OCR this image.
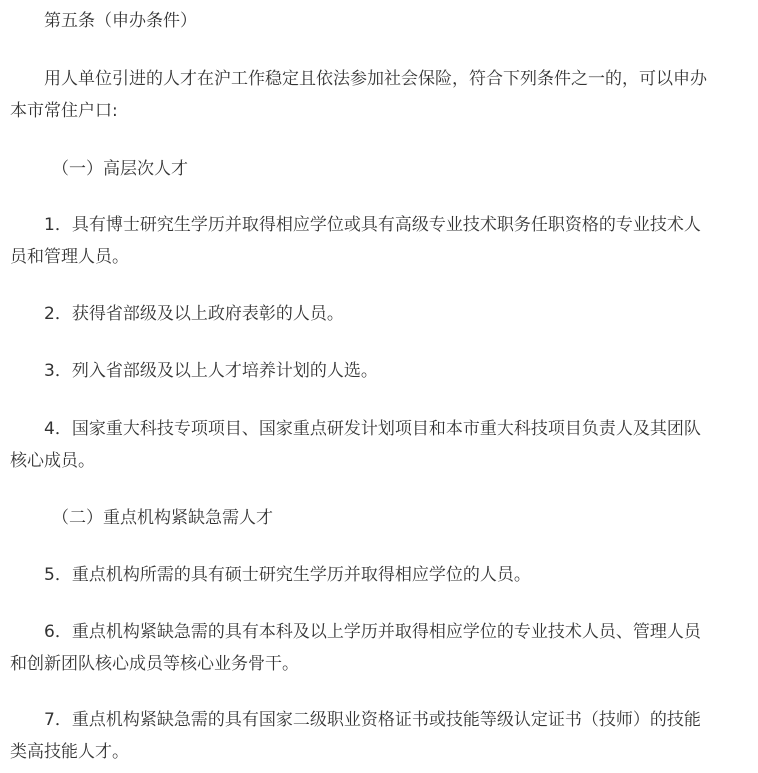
第五条（申办条件）

用人单位引进的人才在沪工作稳定且依法参加社会保险，符合下列条件之一的，可以申办

本市常住户口:

（一）高层次人才

1．具有博士研究生学历并取得相应学位或具有高级专业技术职务任职资格的专业技术人

员和管理人员。

2．获得省部级及以上政府表彰的人员。

3．列入省部级及以上人才培养计划的人选。

4．国家重大科技专项项目、国家重点研发计划项目和本市重大科技项目负责人及其团队

核心成员。

（二）重点机构紧缺急需人才

5．重点机构所需的具有硕士研究生学历并取得相应学位的人员。

6．重点机构紧缺急需的具有本科及以上学历并取得相应学位的专业技术人员、管理人员

和创新团队核心成员等核心业务骨干。

7．重点机构紧缺急需的具有国家二级职业资格证书或技能等级认定证书（技师）的技能

类高技能人才。
